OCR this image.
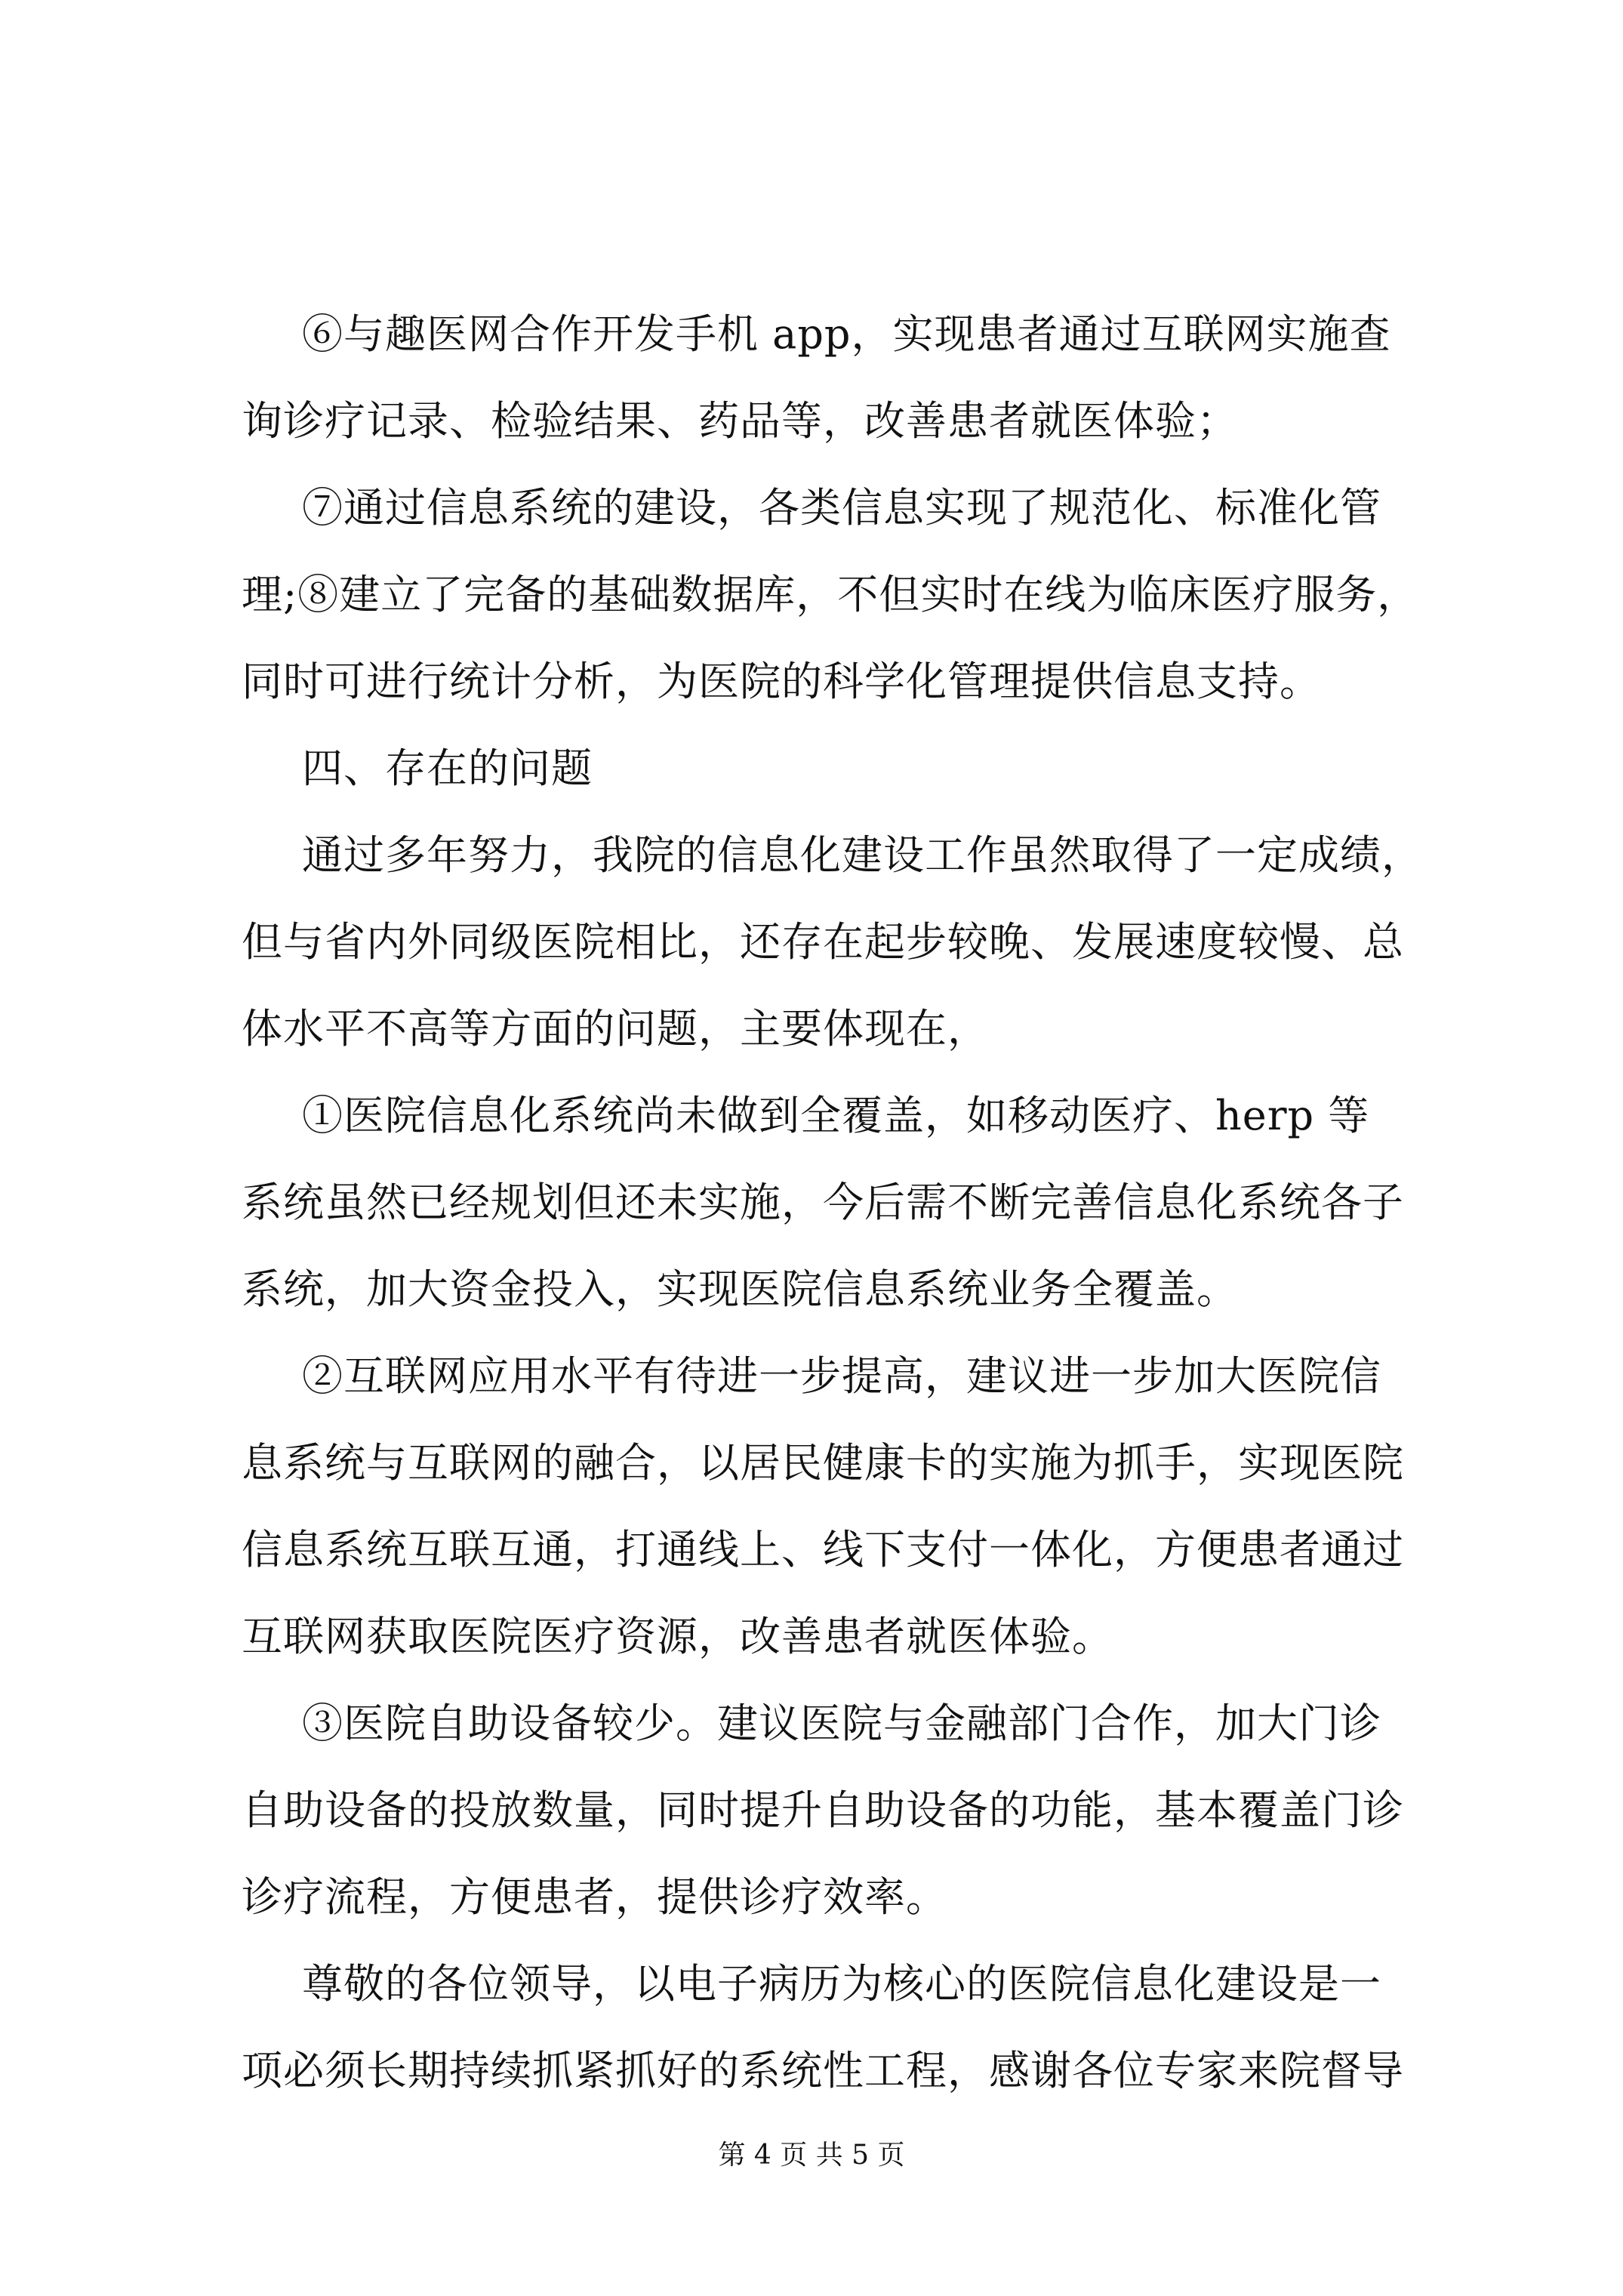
⑥与趣医网合作开发手机 app，实现患者通过互联网实施查
询诊疗记录、检验结果、药品等，改善患者就医体验；
⑦通过信息系统的建设，各类信息实现了规范化、标准化管
理;⑧建立了完备的基础数据库，不但实时在线为临床医疗服务，
同时可进行统计分析，为医院的科学化管理提供信息支持。
四、存在的问题
通过多年努力，我院的信息化建设工作虽然取得了一定成绩，
但与省内外同级医院相比，还存在起步较晚、发展速度较慢、总
体水平不高等方面的问题，主要体现在，
①医院信息化系统尚未做到全覆盖，如移动医疗、herp 等
系统虽然已经规划但还未实施，今后需不断完善信息化系统各子
系统，加大资金投入，实现医院信息系统业务全覆盖。
②互联网应用水平有待进一步提高，建议进一步加大医院信
息系统与互联网的融合，以居民健康卡的实施为抓手，实现医院
信息系统互联互通，打通线上、线下支付一体化，方便患者通过
互联网获取医院医疗资源，改善患者就医体验。
③医院自助设备较少。建议医院与金融部门合作，加大门诊
自助设备的投放数量，同时提升自助设备的功能，基本覆盖门诊
诊疗流程，方便患者，提供诊疗效率。
尊敬的各位领导，以电子病历为核心的医院信息化建设是一
项必须长期持续抓紧抓好的系统性工程，感谢各位专家来院督导
第 4 页 共 5 页
